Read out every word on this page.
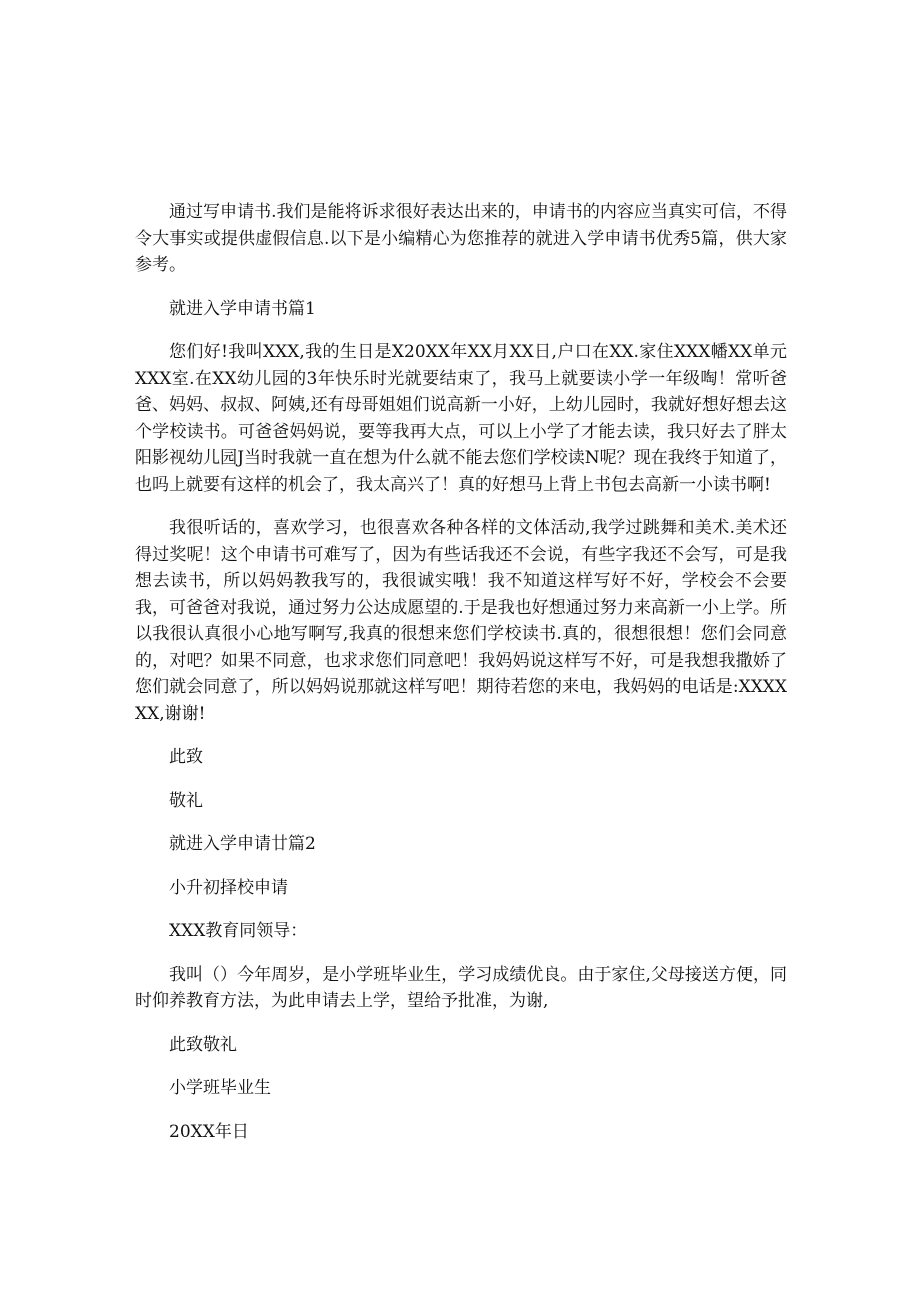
通过写申请书.我们是能将诉求很好表达出来的，申请书的内容应当真实可信，不得令大事实或提供虚假信息.以下是小编精心为您推荐的就进入学申请书优秀5篇，供大家参考。

就进入学申请书篇1

您们好!我叫XXX,我的生日是X20XX年XX月XX日,户口在XX.家住XXX幡XX单元XXX室.在XX幼儿园的3年快乐时光就要结束了，我马上就要读小学一年级啕！常听爸爸、妈妈、叔叔、阿姨,还有母哥姐姐们说高新一小好，上幼儿园时，我就好想好想去这个学校读书。可爸爸妈妈说，要等我再大点，可以上小学了才能去读，我只好去了胖太阳影视幼儿园J当时我就一直在想为什么就不能去您们学校读N呢？现在我终于知道了，也吗上就要有这样的机会了，我太高兴了！真的好想马上背上书包去高新一小读书啊!

我很听话的，喜欢学习，也很喜欢各种各样的文体活动,我学过跳舞和美术.美术还得过奖呢！这个申请书可难写了，因为有些话我还不会说，有些字我还不会写，可是我想去读书，所以妈妈教我写的，我很诚实哦！我不知道这样写好不好，学校会不会要我，可爸爸对我说，通过努力公达成愿望的.于是我也好想通过努力来高新一小上学。所以我很认真很小心地写啊写,我真的很想来您们学校读书.真的，很想很想！您们会同意的，对吧？如果不同意，也求求您们同意吧！我妈妈说这样写不好，可是我想我撒娇了您们就会同意了，所以妈妈说那就这样写吧！期待若您的来电，我妈妈的电话是:XXXXXX,谢谢!

此致

敬礼

就进入学申请廿篇2

小升初择校申请

XXX教育同领导：

我叫（）今年周岁，是小学班毕业生，学习成绩优良。由于家住,父母接送方便，同时仰养教育方法，为此申请去上学，望给予批准，为谢,

此致敬礼

小学班毕业生

20XX年日
